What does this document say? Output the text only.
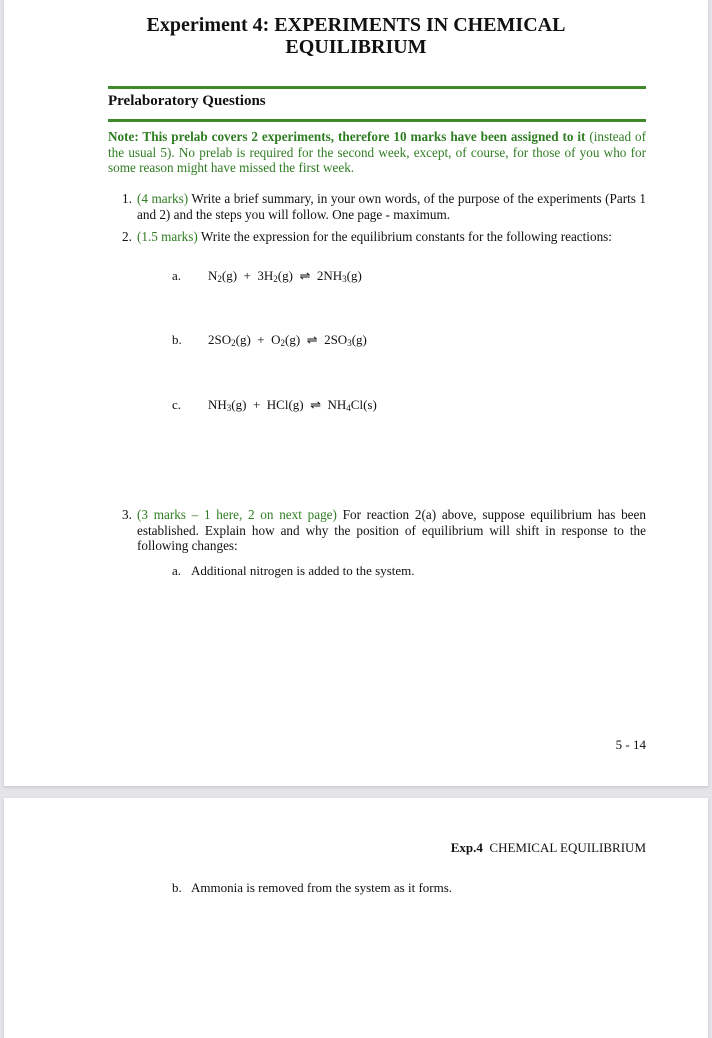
Experiment 4: EXPERIMENTS IN CHEMICAL
EQUILIBRIUM
Prelaboratory Questions
Note: This prelab covers 2 experiments, therefore 10 marks have been assigned to it (instead of the usual 5). No prelab is required for the second week, except, of course, for those of you who for some reason might have missed the first week.
1. (4 marks) Write a brief summary, in your own words, of the purpose of the experiments (Parts 1 and 2) and the steps you will follow. One page - maximum.
2. (1.5 marks) Write the expression for the equilibrium constants for the following reactions:
a. $N_2(g) + 3H_2(g)$  ⇌  $2NH_3(g)$
b. $2SO_2(g) + O_2(g)$  ⇌  $2SO_3(g)$
c. $NH_3(g) + HCl(g)$  ⇌  $NH_4Cl(s)$
3. (3 marks – 1 here, 2 on next page) For reaction 2(a) above, suppose equilibrium has been established. Explain how and why the position of equilibrium will shift in response to the following changes:
a. Additional nitrogen is added to the system.
5 - 14
Exp.4  CHEMICAL EQUILIBRIUM
b. Ammonia is removed from the system as it forms.
